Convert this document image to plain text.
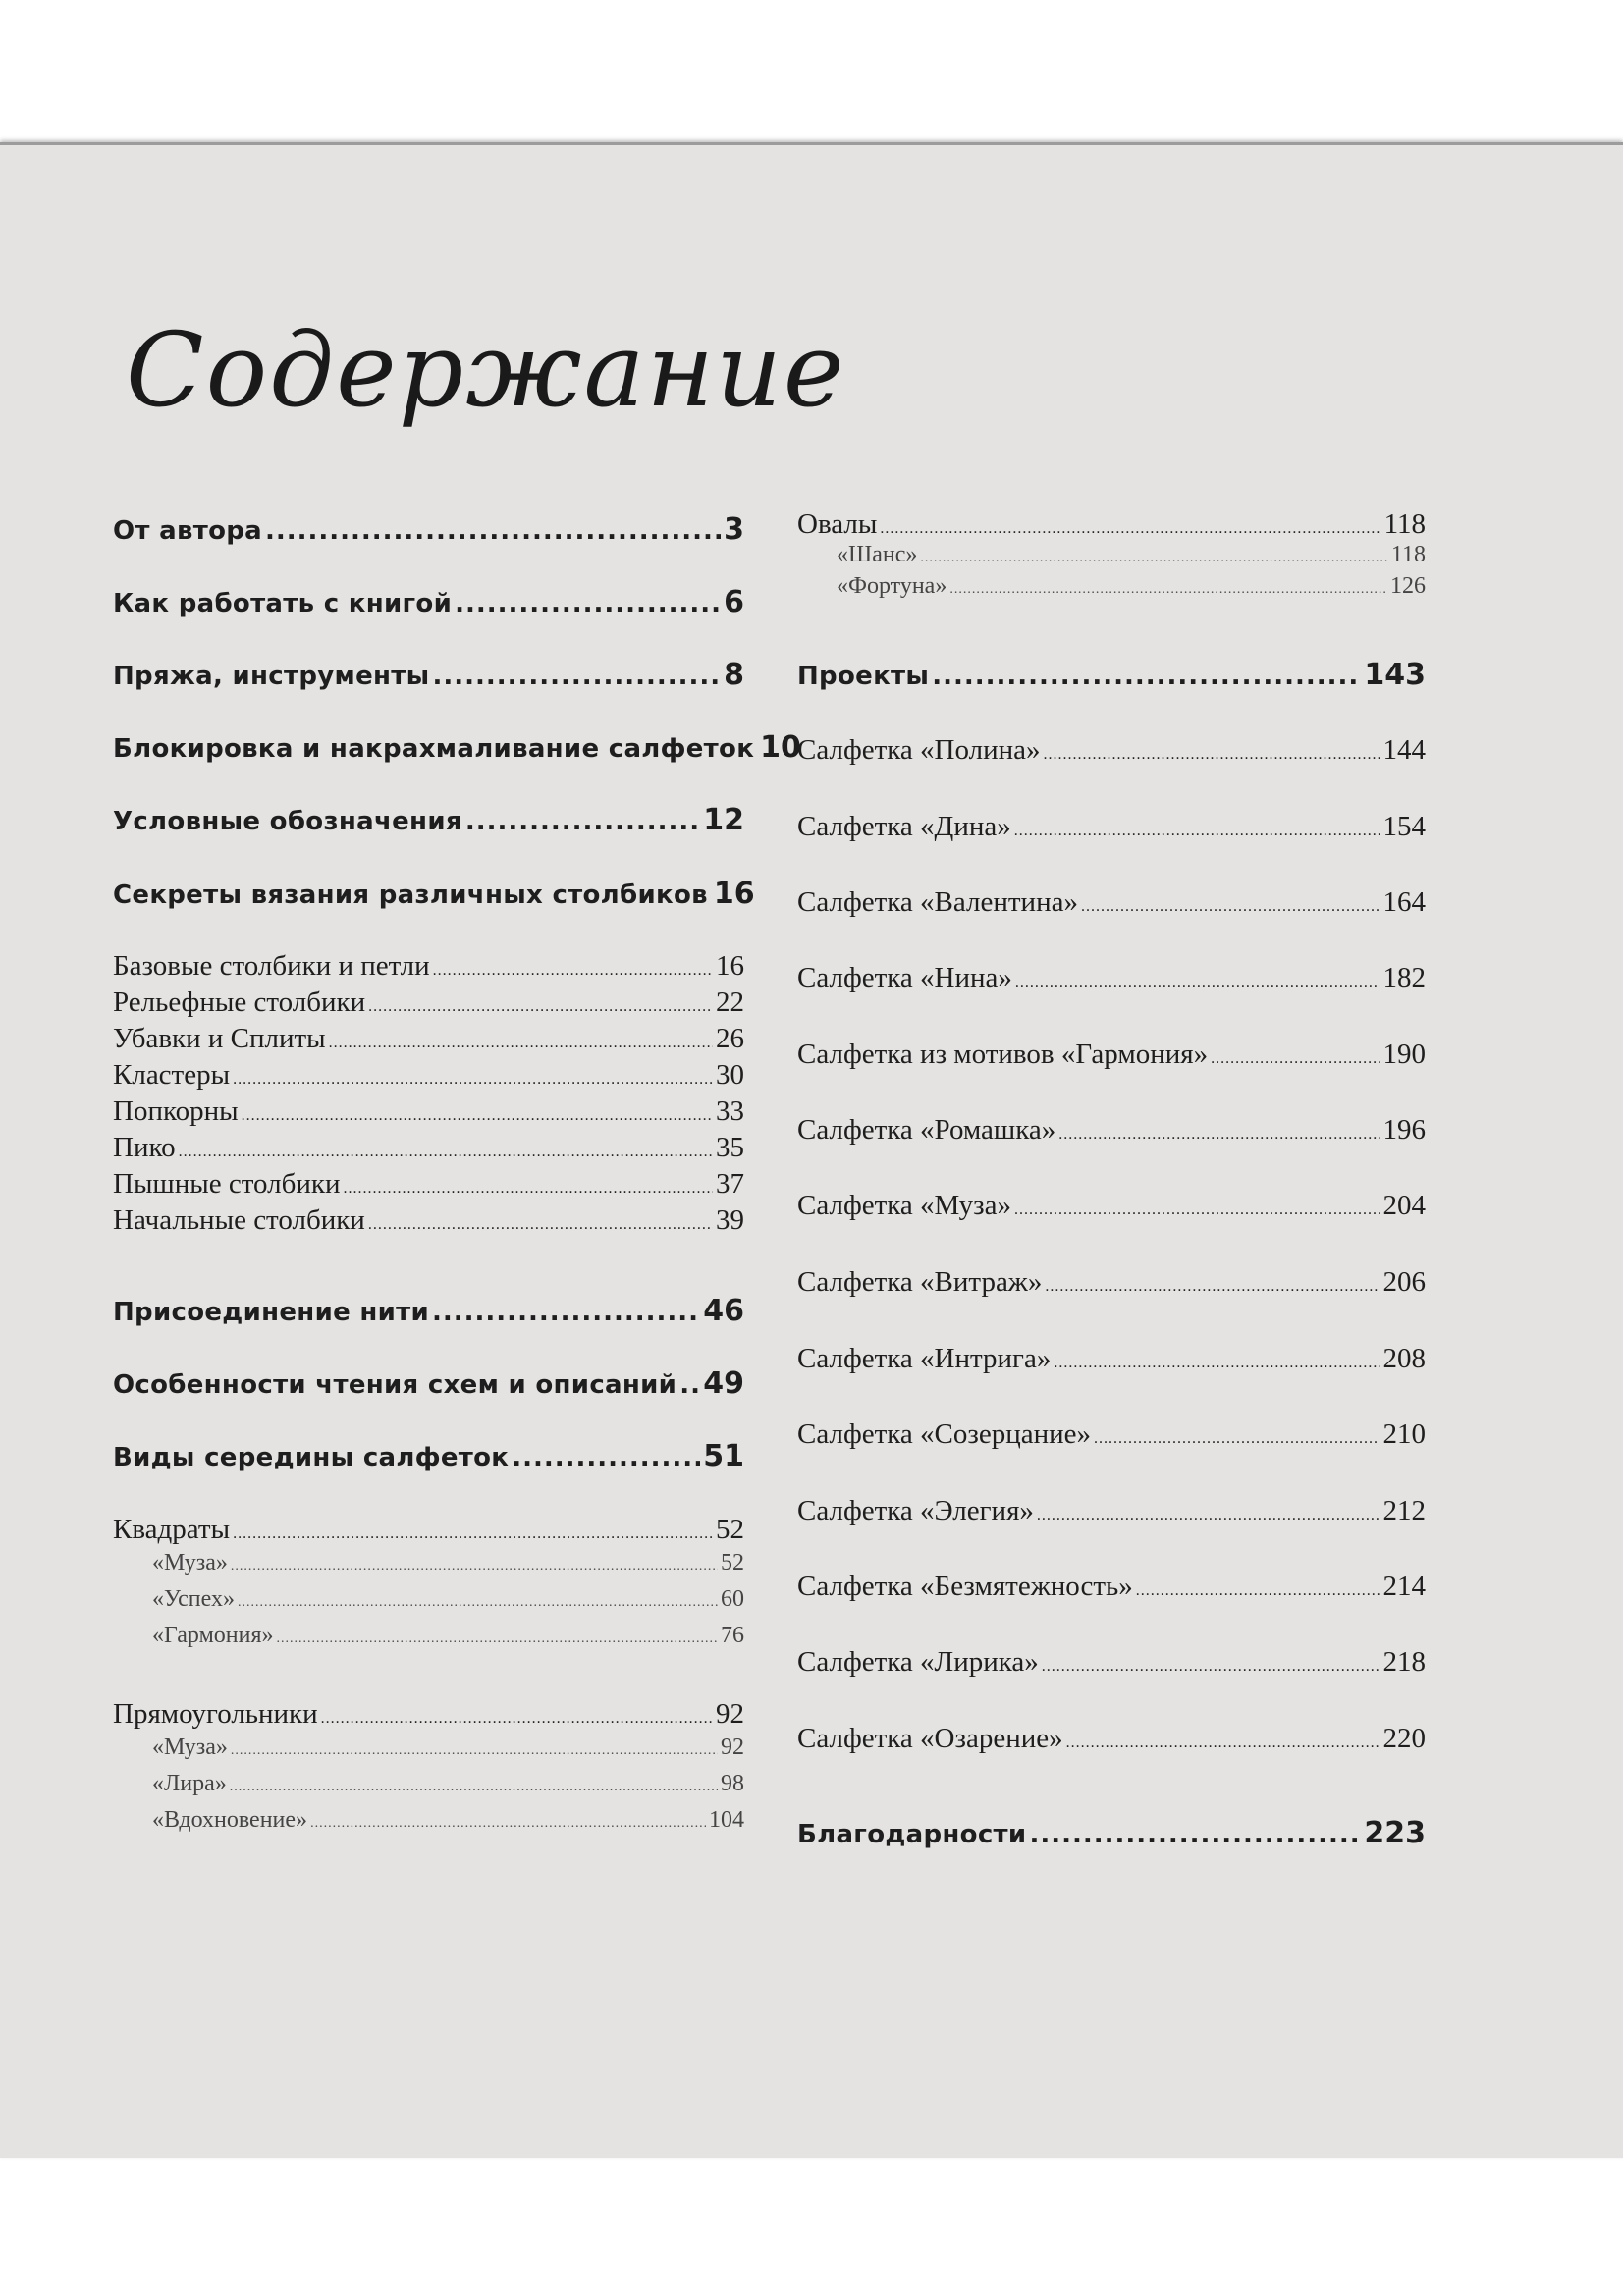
Содержание
От автора .....	3
Как работать с книгой .....	6
Пряжа, инструменты .....	8
Блокировка и накрахмаливание салфеток 10
Условные обозначения .....	12
Секреты вязания различных столбиков 16
Базовые столбики и петли .....	16
Рельефные столбики .....	22
Убавки и Сплиты .....	26
Кластеры .....	30
Попкорны .....	33
Пико .....	35
Пышные столбики .....	37
Начальные столбики .....	39
Присоединение нити .....	46
Особенности чтения схем и описаний ..... 49
Виды середины салфеток .....	51
Квадраты .....	52
«Муза» .....	52
«Успех» .....	60
«Гармония» .....	76
Прямоугольники .....	92
«Муза» .....	92
«Лира» .....	98
«Вдохновение» .....	104
Овалы .....	118
«Шанс» .....	118
«Фортуна» .....	126
Проекты .....	143
Салфетка «Полина» .....	144
Салфетка «Дина» .....	154
Салфетка «Валентина» .....	164
Салфетка «Нина» .....	182
Салфетка из мотивов «Гармония» .....	190
Салфетка «Ромашка» .....	196
Салфетка «Муза» .....	204
Салфетка «Витраж» .....	206
Салфетка «Интрига» .....	208
Салфетка «Созерцание» .....	210
Салфетка «Элегия» .....	212
Салфетка «Безмятежность» .....	214
Салфетка «Лирика» .....	218
Салфетка «Озарение» .....	220
Благодарности .....	223
